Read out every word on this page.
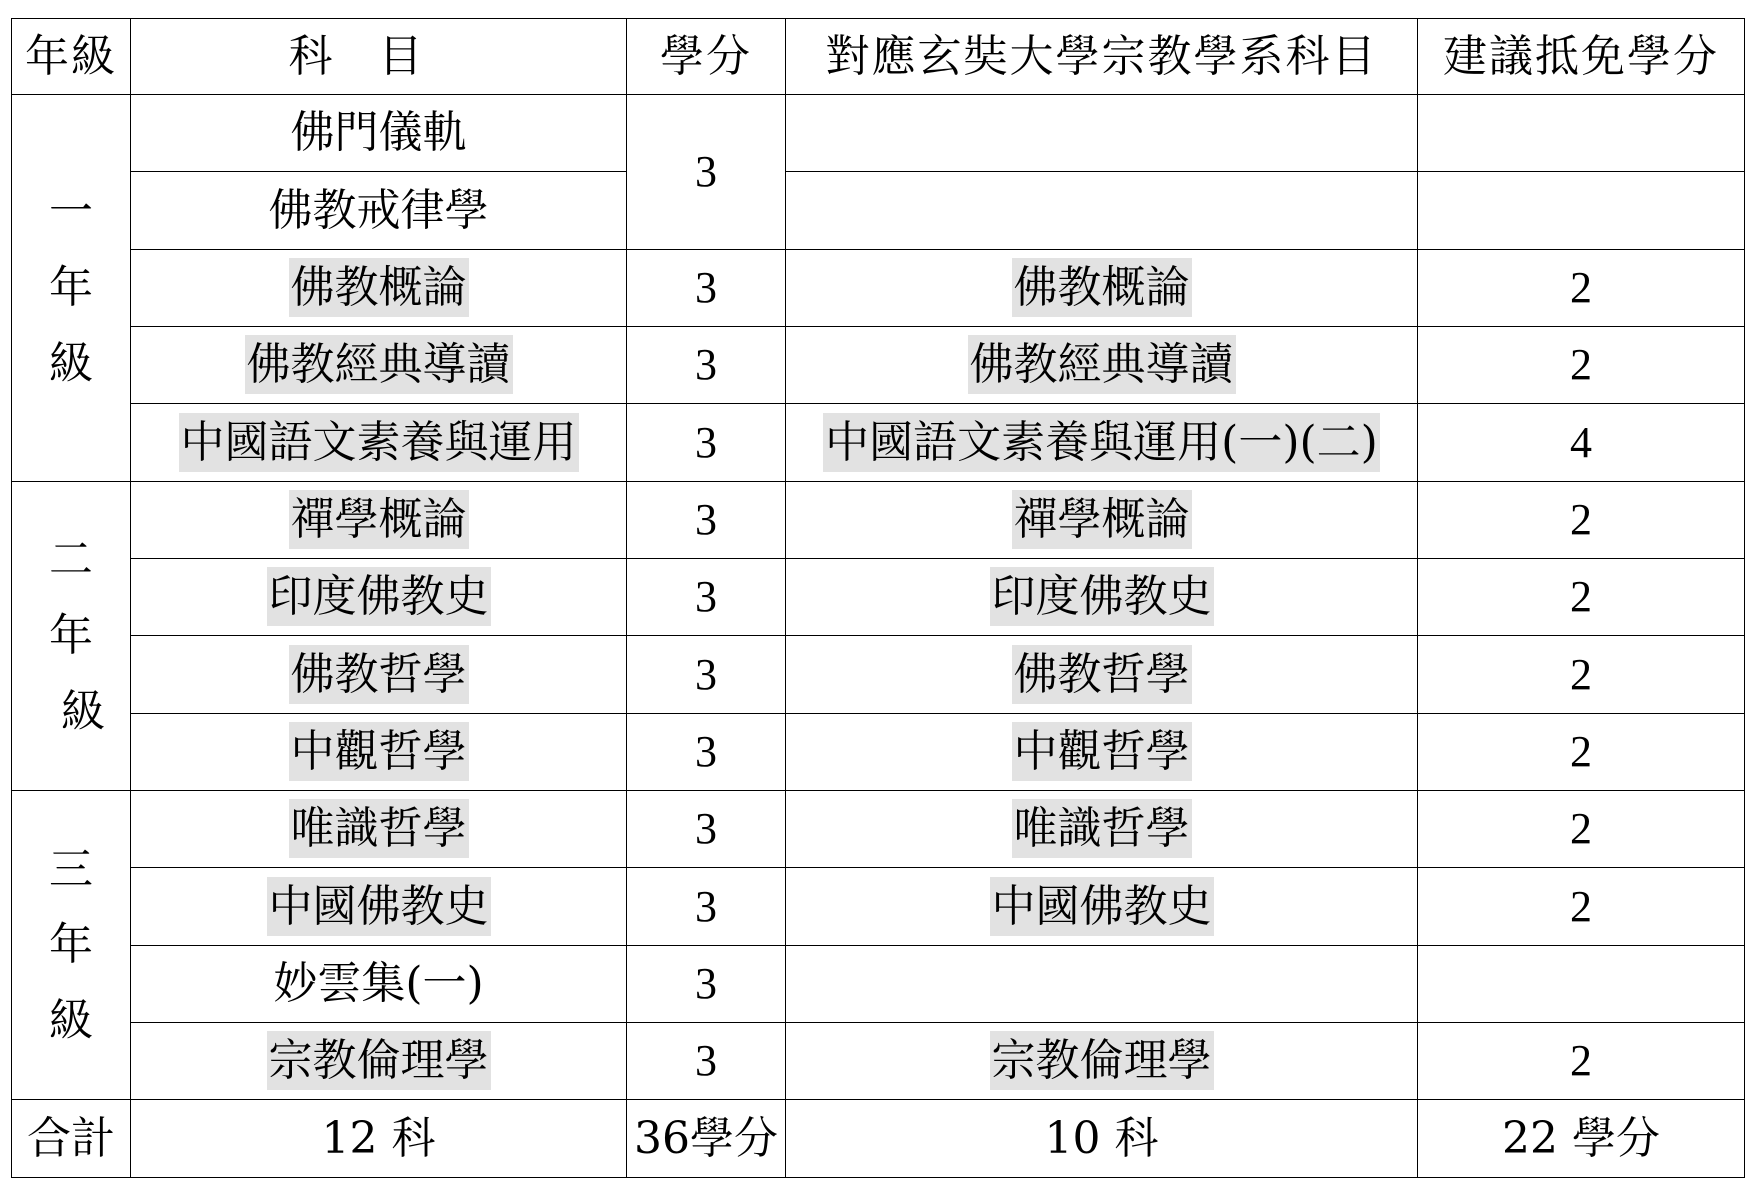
年級	科目	學分	對應玄奘大學宗教學系科目	建議抵免學分

一
年
級	佛門儀軌	3		
	佛教戒律學			
	佛教概論	3	佛教概論	2
	佛教經典導讀	3	佛教經典導讀	2
	中國語文素養與運用	3	中國語文素養與運用(一)(二)	4

二
年
級	禪學概論	3	禪學概論	2
	印度佛教史	3	印度佛教史	2
	佛教哲學	3	佛教哲學	2
	中觀哲學	3	中觀哲學	2

三
年
級	唯識哲學	3	唯識哲學	2
	中國佛教史	3	中國佛教史	2
	妙雲集(一)	3		
	宗教倫理學	3	宗教倫理學	2
合計	12 科	36學分	10 科	22 學分
